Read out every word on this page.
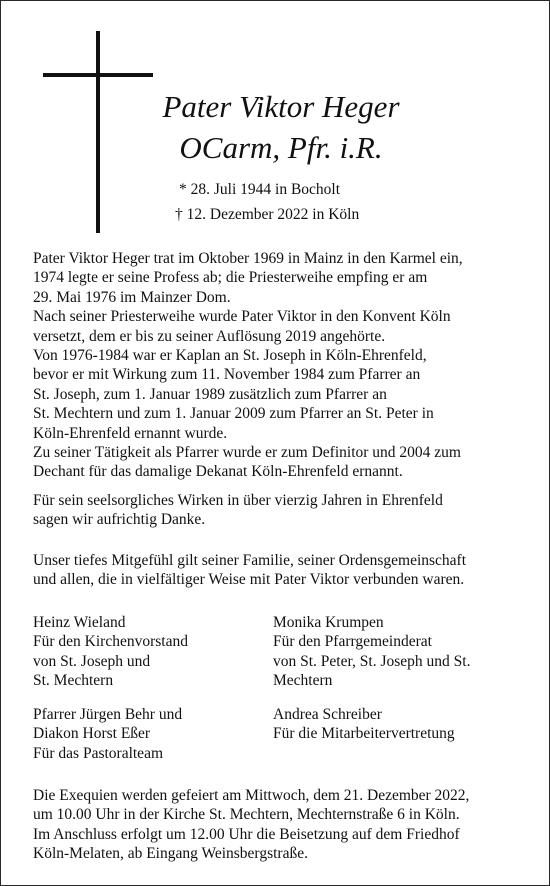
Pater Viktor Heger
OCarm, Pfr. i.R.
* 28. Juli 1944 in Bocholt
† 12. Dezember 2022 in Köln
Pater Viktor Heger trat im Oktober 1969 in Mainz in den Karmel ein,
1974 legte er seine Profess ab; die Priesterweihe empfing er am
29. Mai 1976 im Mainzer Dom.
Nach seiner Priesterweihe wurde Pater Viktor in den Konvent Köln
versetzt, dem er bis zu seiner Auflösung 2019 angehörte.
Von 1976-1984 war er Kaplan an St. Joseph in Köln-Ehrenfeld,
bevor er mit Wirkung zum 11. November 1984 zum Pfarrer an
St. Joseph, zum 1. Januar 1989 zusätzlich zum Pfarrer an
St. Mechtern und zum 1. Januar 2009 zum Pfarrer an St. Peter in
Köln-Ehrenfeld ernannt wurde.
Zu seiner Tätigkeit als Pfarrer wurde er zum Definitor und 2004 zum
Dechant für das damalige Dekanat Köln-Ehrenfeld ernannt.
Für sein seelsorgliches Wirken in über vierzig Jahren in Ehrenfeld
sagen wir aufrichtig Danke.
Unser tiefes Mitgefühl gilt seiner Familie, seiner Ordensgemeinschaft
und allen, die in vielfältiger Weise mit Pater Viktor verbunden waren.
Heinz Wieland
Für den Kirchenvorstand
von St. Joseph und
St. Mechtern
Monika Krumpen
Für den Pfarrgemeinderat
von St. Peter, St. Joseph und St.
Mechtern
Pfarrer Jürgen Behr und
Diakon Horst Eßer
Für das Pastoralteam
Andrea Schreiber
Für die Mitarbeitervertretung
Die Exequien werden gefeiert am Mittwoch, dem 21. Dezember 2022,
um 10.00 Uhr in der Kirche St. Mechtern, Mechternstraße 6 in Köln.
Im Anschluss erfolgt um 12.00 Uhr die Beisetzung auf dem Friedhof
Köln-Melaten, ab Eingang Weinsbergstraße.
